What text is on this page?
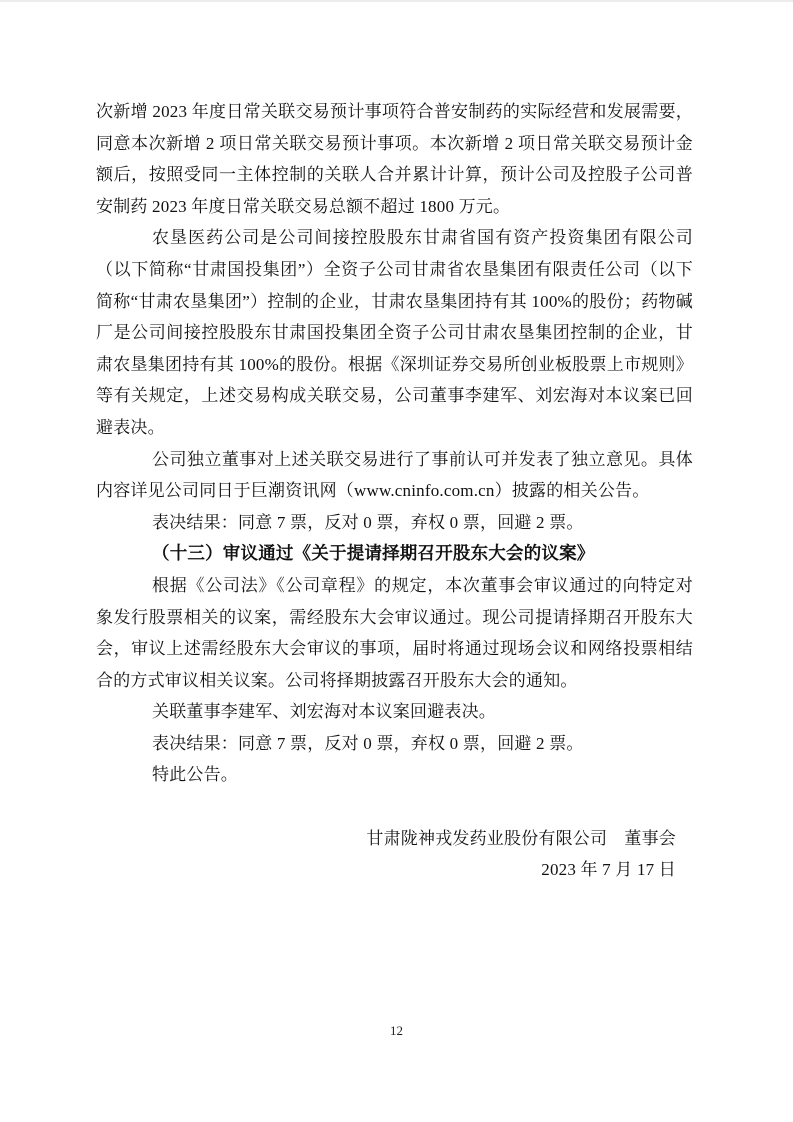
次新增 2023 年度日常关联交易预计事项符合普安制药的实际经营和发展需要，同意本次新增 2 项日常关联交易预计事项。本次新增 2 项日常关联交易预计金额后，按照受同一主体控制的关联人合并累计计算，预计公司及控股子公司普安制药 2023 年度日常关联交易总额不超过 1800 万元。

农垦医药公司是公司间接控股股东甘肃省国有资产投资集团有限公司（以下简称“甘肃国投集团”）全资子公司甘肃省农垦集团有限责任公司（以下简称“甘肃农垦集团”）控制的企业，甘肃农垦集团持有其 100%的股份；药物碱厂是公司间接控股股东甘肃国投集团全资子公司甘肃农垦集团控制的企业，甘肃农垦集团持有其 100%的股份。根据《深圳证券交易所创业板股票上市规则》等有关规定，上述交易构成关联交易，公司董事李建军、刘宏海对本议案已回避表决。

公司独立董事对上述关联交易进行了事前认可并发表了独立意见。具体内容详见公司同日于巨潮资讯网（www.cninfo.com.cn）披露的相关公告。

表决结果：同意 7 票，反对 0 票，弃权 0 票，回避 2 票。

（十三）审议通过《关于提请择期召开股东大会的议案》

根据《公司法》《公司章程》的规定，本次董事会审议通过的向特定对象发行股票相关的议案，需经股东大会审议通过。现公司提请择期召开股东大会，审议上述需经股东大会审议的事项，届时将通过现场会议和网络投票相结合的方式审议相关议案。公司将择期披露召开股东大会的通知。

关联董事李建军、刘宏海对本议案回避表决。

表决结果：同意 7 票，反对 0 票，弃权 0 票，回避 2 票。

特此公告。

甘肃陇神戎发药业股份有限公司　董事会
2023 年 7 月 17 日
12
